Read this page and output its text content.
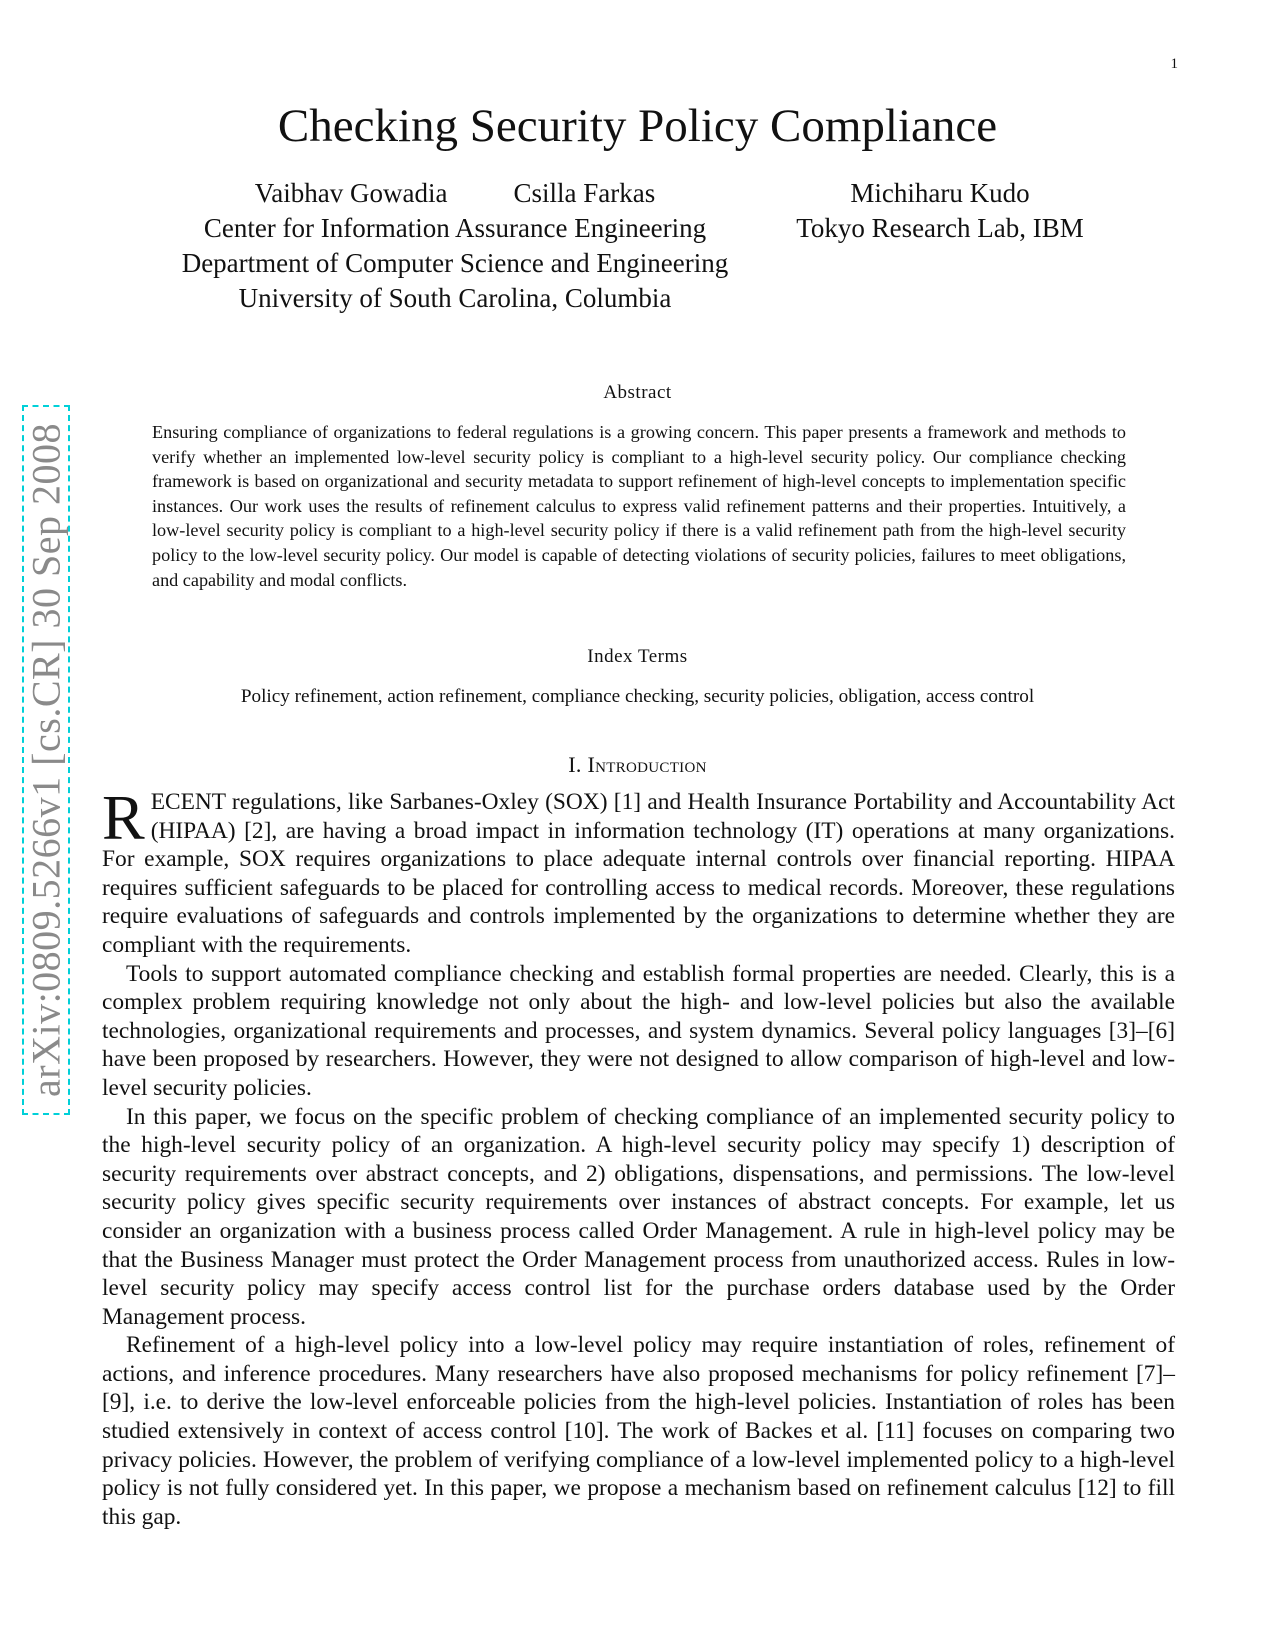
1
arXiv:0809.5266v1 [cs.CR] 30 Sep 2008
Checking Security Policy Compliance
Vaibhav Gowadia Csilla Farkas
Center for Information Assurance Engineering
Department of Computer Science and Engineering
University of South Carolina, Columbia
Michiharu Kudo
Tokyo Research Lab, IBM
Abstract

Ensuring compliance of organizations to federal regulations is a growing concern. This paper presents a framework and methods to verify whether an implemented low-level security policy is compliant to a high-level security policy. Our compliance checking framework is based on organizational and security metadata to support refinement of high-level concepts to implementation specific instances. Our work uses the results of refinement calculus to express valid refinement patterns and their properties. Intuitively, a low-level security policy is compliant to a high-level security policy if there is a valid refinement path from the high-level security policy to the low-level security policy. Our model is capable of detecting violations of security policies, failures to meet obligations, and capability and modal conflicts.

Index Terms
Policy refinement, action refinement, compliance checking, security policies, obligation, access control
I. Introduction

RECENT regulations, like Sarbanes-Oxley (SOX) [1] and Health Insurance Portability and Accountability Act (HIPAA) [2], are having a broad impact in information technology (IT) operations at many organizations. For example, SOX requires organizations to place adequate internal controls over financial reporting. HIPAA requires sufficient safeguards to be placed for controlling access to medical records. Moreover, these regulations require evaluations of safeguards and controls implemented by the organizations to determine whether they are compliant with the requirements.

Tools to support automated compliance checking and establish formal properties are needed. Clearly, this is a complex problem requiring knowledge not only about the high- and low-level policies but also the available technologies, organizational requirements and processes, and system dynamics. Several policy languages [3]–[6] have been proposed by researchers. However, they were not designed to allow comparison of high-level and low-level security policies.

In this paper, we focus on the specific problem of checking compliance of an implemented security policy to the high-level security policy of an organization. A high-level security policy may specify 1) description of security requirements over abstract concepts, and 2) obligations, dispensations, and permissions. The low-level security policy gives specific security requirements over instances of abstract concepts. For example, let us consider an organization with a business process called Order Management. A rule in high-level policy may be that the Business Manager must protect the Order Management process from unauthorized access. Rules in low-level security policy may specify access control list for the purchase orders database used by the Order Management process.

Refinement of a high-level policy into a low-level policy may require instantiation of roles, refinement of actions, and inference procedures. Many researchers have also proposed mechanisms for policy refinement [7]–[9], i.e. to derive the low-level enforceable policies from the high-level policies. Instantiation of roles has been studied extensively in context of access control [10]. The work of Backes et al. [11] focuses on comparing two privacy policies. However, the problem of verifying compliance of a low-level implemented policy to a high-level policy is not fully considered yet. In this paper, we propose a mechanism based on refinement calculus [12] to fill this gap.
